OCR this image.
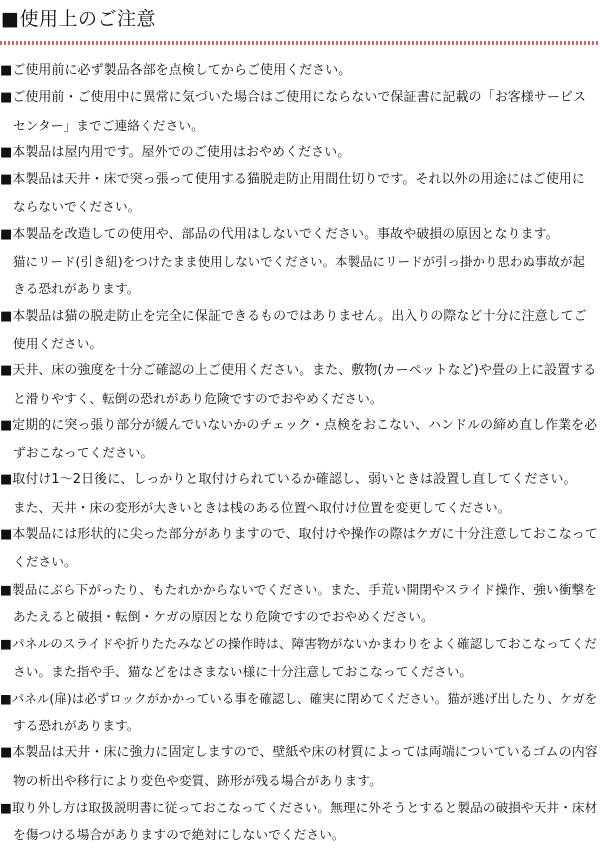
■使用上のご注意
■ご使用前に必ず製品各部を点検してからご使用ください。
■ご使用前・ご使用中に異常に気づいた場合はご使用にならないで保証書に記載の「お客様サービス
センター」までご連絡ください。
■本製品は屋内用です。屋外でのご使用はおやめください。
■本製品は天井・床で突っ張って使用する猫脱走防止用間仕切りです。それ以外の用途にはご使用に
ならないでください。
■本製品を改造しての使用や、部品の代用はしないでください。事故や破損の原因となります。
猫にリード(引き紐)をつけたまま使用しないでください。本製品にリードが引っ掛かり思わぬ事故が起
きる恐れがあります。
■本製品は猫の脱走防止を完全に保証できるものではありません。出入りの際など十分に注意してご
使用ください。
■天井、床の強度を十分ご確認の上ご使用ください。また、敷物(カーペットなど)や畳の上に設置する
と滑りやすく、転倒の恐れがあり危険ですのでおやめください。
■定期的に突っ張り部分が緩んでいないかのチェック・点検をおこない、ハンドルの締め直し作業を必
ずおこなってください。
■取付け1～2日後に、しっかりと取付けられているか確認し、弱いときは設置し直してください。
また、天井・床の変形が大きいときは桟のある位置へ取付け位置を変更してください。
■本製品には形状的に尖った部分がありますので、取付けや操作の際はケガに十分注意しておこなって
ください。
■製品にぶら下がったり、もたれかからないでください。また、手荒い開閉やスライド操作、強い衝撃を
あたえると破損・転倒・ケガの原因となり危険ですのでおやめください。
■パネルのスライドや折りたたみなどの操作時は、障害物がないかまわりをよく確認しておこなってくだ
さい。また指や手、猫などをはさまない様に十分注意しておこなってください。
■パネル(扉)は必ずロックがかかっている事を確認し、確実に閉めてください。猫が逃げ出したり、ケガを
する恐れがあります。
■本製品は天井・床に強力に固定しますので、壁紙や床の材質によっては両端についているゴムの内容
物の析出や移行により変色や変質、跡形が残る場合があります。
■取り外し方は取扱説明書に従っておこなってください。無理に外そうとすると製品の破損や天井・床材
を傷つける場合がありますので絶対にしないでください。
